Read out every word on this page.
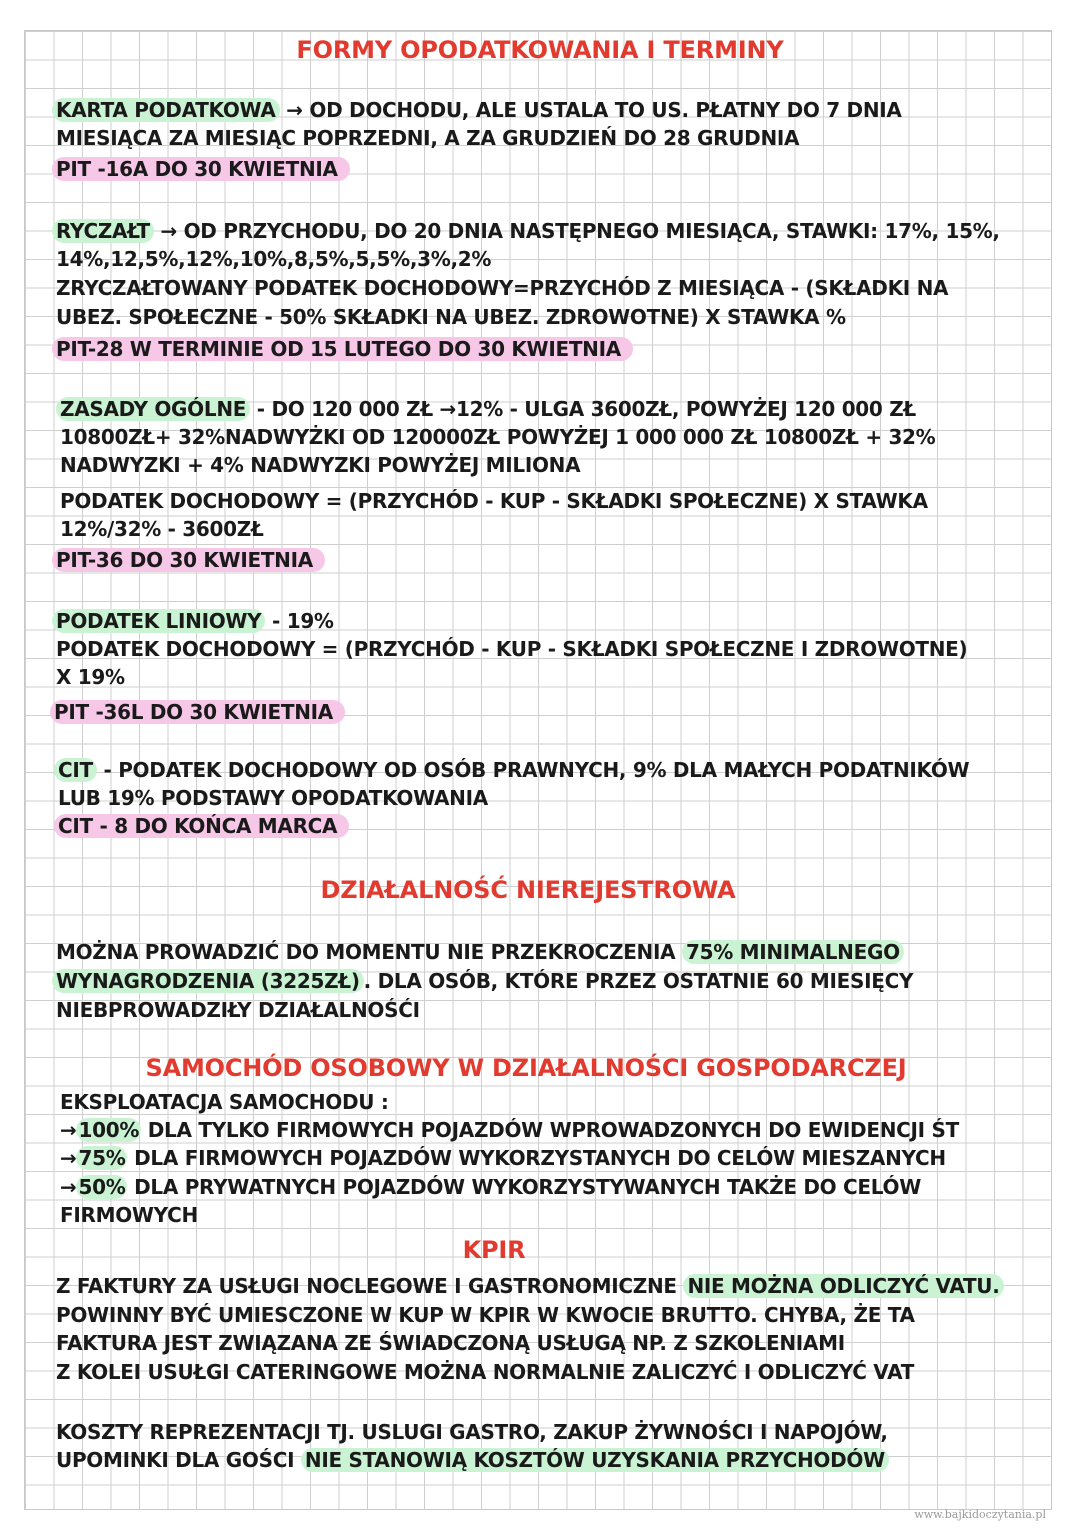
FORMY OPODATKOWANIA I TERMINY
KARTA PODATKOWA → OD DOCHODU, ALE USTALA TO US. PŁATNY DO 7 DNIA
MIESIĄCA ZA MIESIĄC POPRZEDNI, A ZA GRUDZIEŃ DO 28 GRUDNIA
PIT -16A DO 30 KWIETNIA
RYCZAŁT → OD PRZYCHODU, DO 20 DNIA NASTĘPNEGO MIESIĄCA, STAWKI: 17%, 15%,
14%,12,5%,12%,10%,8,5%,5,5%,3%,2%
ZRYCZAŁTOWANY PODATEK DOCHODOWY=PRZYCHÓD Z MIESIĄCA - (SKŁADKI NA
UBEZ. SPOŁECZNE - 50% SKŁADKI NA UBEZ. ZDROWOTNE) X STAWKA %
PIT-28 W TERMINIE OD 15 LUTEGO DO 30 KWIETNIA
ZASADY OGÓLNE - DO 120 000 ZŁ →12% - ULGA 3600ZŁ, POWYŻEJ 120 000 ZŁ
10800ZŁ+ 32%NADWYŻKI OD 120000ZŁ POWYŻEJ 1 000 000 ZŁ 10800ZŁ + 32%
NADWYZKI + 4% NADWYZKI POWYŻEJ MILIONA
PODATEK DOCHODOWY = (PRZYCHÓD - KUP - SKŁADKI SPOŁECZNE) X STAWKA
12%/32% - 3600ZŁ
PIT-36 DO 30 KWIETNIA
PODATEK LINIOWY - 19%
PODATEK DOCHODOWY = (PRZYCHÓD - KUP - SKŁADKI SPOŁECZNE I ZDROWOTNE)
X 19%
PIT -36L DO 30 KWIETNIA
CIT - PODATEK DOCHODOWY OD OSÓB PRAWNYCH, 9% DLA MAŁYCH PODATNIKÓW
LUB 19% PODSTAWY OPODATKOWANIA
CIT - 8 DO KOŃCA MARCA
DZIAŁALNOŚĆ NIEREJESTROWA
MOŻNA PROWADZIĆ DO MOMENTU NIE PRZEKROCZENIA 75% MINIMALNEGO
WYNAGRODZENIA (3225ZŁ) . DLA OSÓB, KTÓRE PRZEZ OSTATNIE 60 MIESIĘCY
NIEBPROWADZIŁY DZIAŁALNOŚĆI
SAMOCHÓD OSOBOWY W DZIAŁALNOŚCI GOSPODARCZEJ
EKSPLOATACJA SAMOCHODU :
→ 100% DLA TYLKO FIRMOWYCH POJAZDÓW WPROWADZONYCH DO EWIDENCJI ŚT
→ 75% DLA FIRMOWYCH POJAZDÓW WYKORZYSTANYCH DO CELÓW MIESZANYCH
→ 50% DLA PRYWATNYCH POJAZDÓW WYKORZYSTYWANYCH TAKŻE DO CELÓW
FIRMOWYCH
KPIR
Z FAKTURY ZA USŁUGI NOCLEGOWE I GASTRONOMICZNE NIE MOŻNA ODLICZYĆ VATU.
POWINNY BYĆ UMIESCZONE W KUP W KPIR W KWOCIE BRUTTO. CHYBA, ŻE TA
FAKTURA JEST ZWIĄZANA ZE ŚWIADCZONĄ USŁUGĄ NP. Z SZKOLENIAMI
Z KOLEI USUŁGI CATERINGOWE MOŻNA NORMALNIE ZALICZYĆ I ODLICZYĆ VAT
KOSZTY REPREZENTACJI TJ. USLUGI GASTRO, ZAKUP ŻYWNOŚCI I NAPOJÓW,
UPOMINKI DLA GOŚCI NIE STANOWIĄ KOSZTÓW UZYSKANIA PRZYCHODÓW
www.bajkidoczytania.pl
